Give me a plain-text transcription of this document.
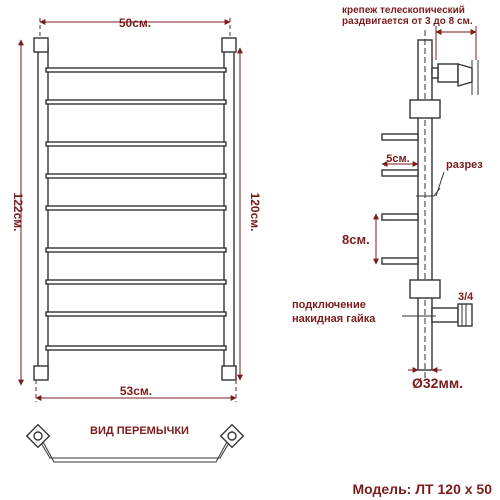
50см.
122см.	120см.
53см.
ВИД ПЕРЕМЫЧКИ
крепеж телескопический
раздвигается от 3 до 8 см.
5см.	разрез
8см.
3/4
подключение
накидная гайка
Ø32мм.
Модель: ЛТ 120 х 50
